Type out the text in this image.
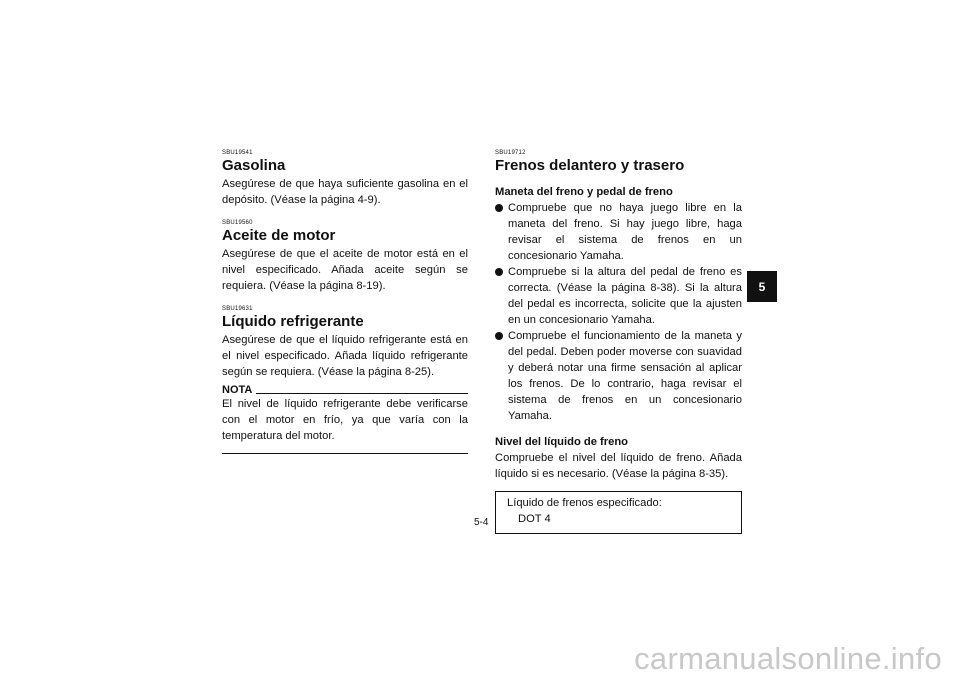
SBU19541

Gasolina

Asegúrese de que haya suficiente gasolina en el depósito. (Véase la página 4-9).

SBU19560

Aceite de motor

Asegúrese de que el aceite de motor está en el nivel especificado. Añada aceite según se requiera. (Véase la página 8-19).

SBU19631

Líquido refrigerante

Asegúrese de que el líquido refrigerante está en el nivel especificado. Añada líquido refrigerante según se requiera. (Véase la página 8-25).

NOTA

El nivel de líquido refrigerante debe verificarse con el motor en frío, ya que varía con la temperatura del motor.

SBU19712

Frenos delantero y trasero

Maneta del freno y pedal de freno

Compruebe que no haya juego libre en la maneta del freno. Si hay juego libre, haga revisar el sistema de frenos en un concesionario Yamaha.
Compruebe si la altura del pedal de freno es correcta. (Véase la página 8-38). Si la altura del pedal es incorrecta, solicite que la ajusten en un concesionario Yamaha.
Compruebe el funcionamiento de la maneta y del pedal. Deben poder moverse con suavidad y deberá notar una firme sensación al aplicar los frenos. De lo contrario, haga revisar el sistema de frenos en un concesionario Yamaha.

Nivel del líquido de freno

Compruebe el nivel del líquido de freno. Añada líquido si es necesario. (Véase la página 8-35).

Líquido de frenos especificado:

DOT 4

5-4
5
carmanualsonline.info
